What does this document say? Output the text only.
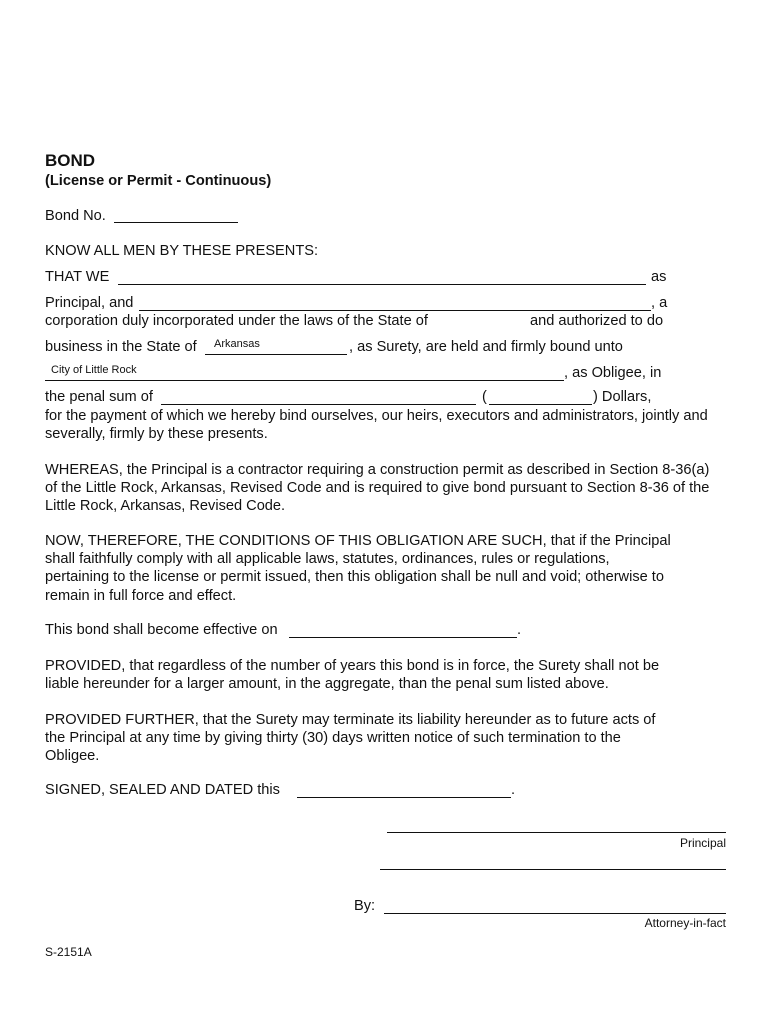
BOND
(License or Permit - Continuous)
Bond No.
KNOW ALL MEN BY THESE PRESENTS:
THAT WE	as
Principal, and	, a
corporation duly incorporated under the laws of the State of	and authorized to do
business in the State of Arkansas	, as Surety, are held and firmly bound unto
City of Little Rock	, as Obligee, in
the penal sum of	(	) Dollars,
for the payment of which we hereby bind ourselves, our heirs, executors and administrators, jointly and severally, firmly by these presents.
WHEREAS, the Principal is a contractor requiring a construction permit as described in Section 8-36(a) of the Little Rock, Arkansas, Revised Code and is required to give bond pursuant to Section 8-36 of the Little Rock, Arkansas, Revised Code.
NOW, THEREFORE, THE CONDITIONS OF THIS OBLIGATION ARE SUCH, that if the Principal shall faithfully comply with all applicable laws, statutes, ordinances, rules or regulations, pertaining to the license or permit issued, then this obligation shall be null and void; otherwise to remain in full force and effect.
This bond shall become effective on	.
PROVIDED, that regardless of the number of years this bond is in force, the Surety shall not be liable hereunder for a larger amount, in the aggregate, than the penal sum listed above.
PROVIDED FURTHER, that the Surety may terminate its liability hereunder as to future acts of the Principal at any time by giving thirty (30) days written notice of such termination to the Obligee.
SIGNED, SEALED AND DATED this	.
Principal
By:
Attorney-in-fact
S-2151A
